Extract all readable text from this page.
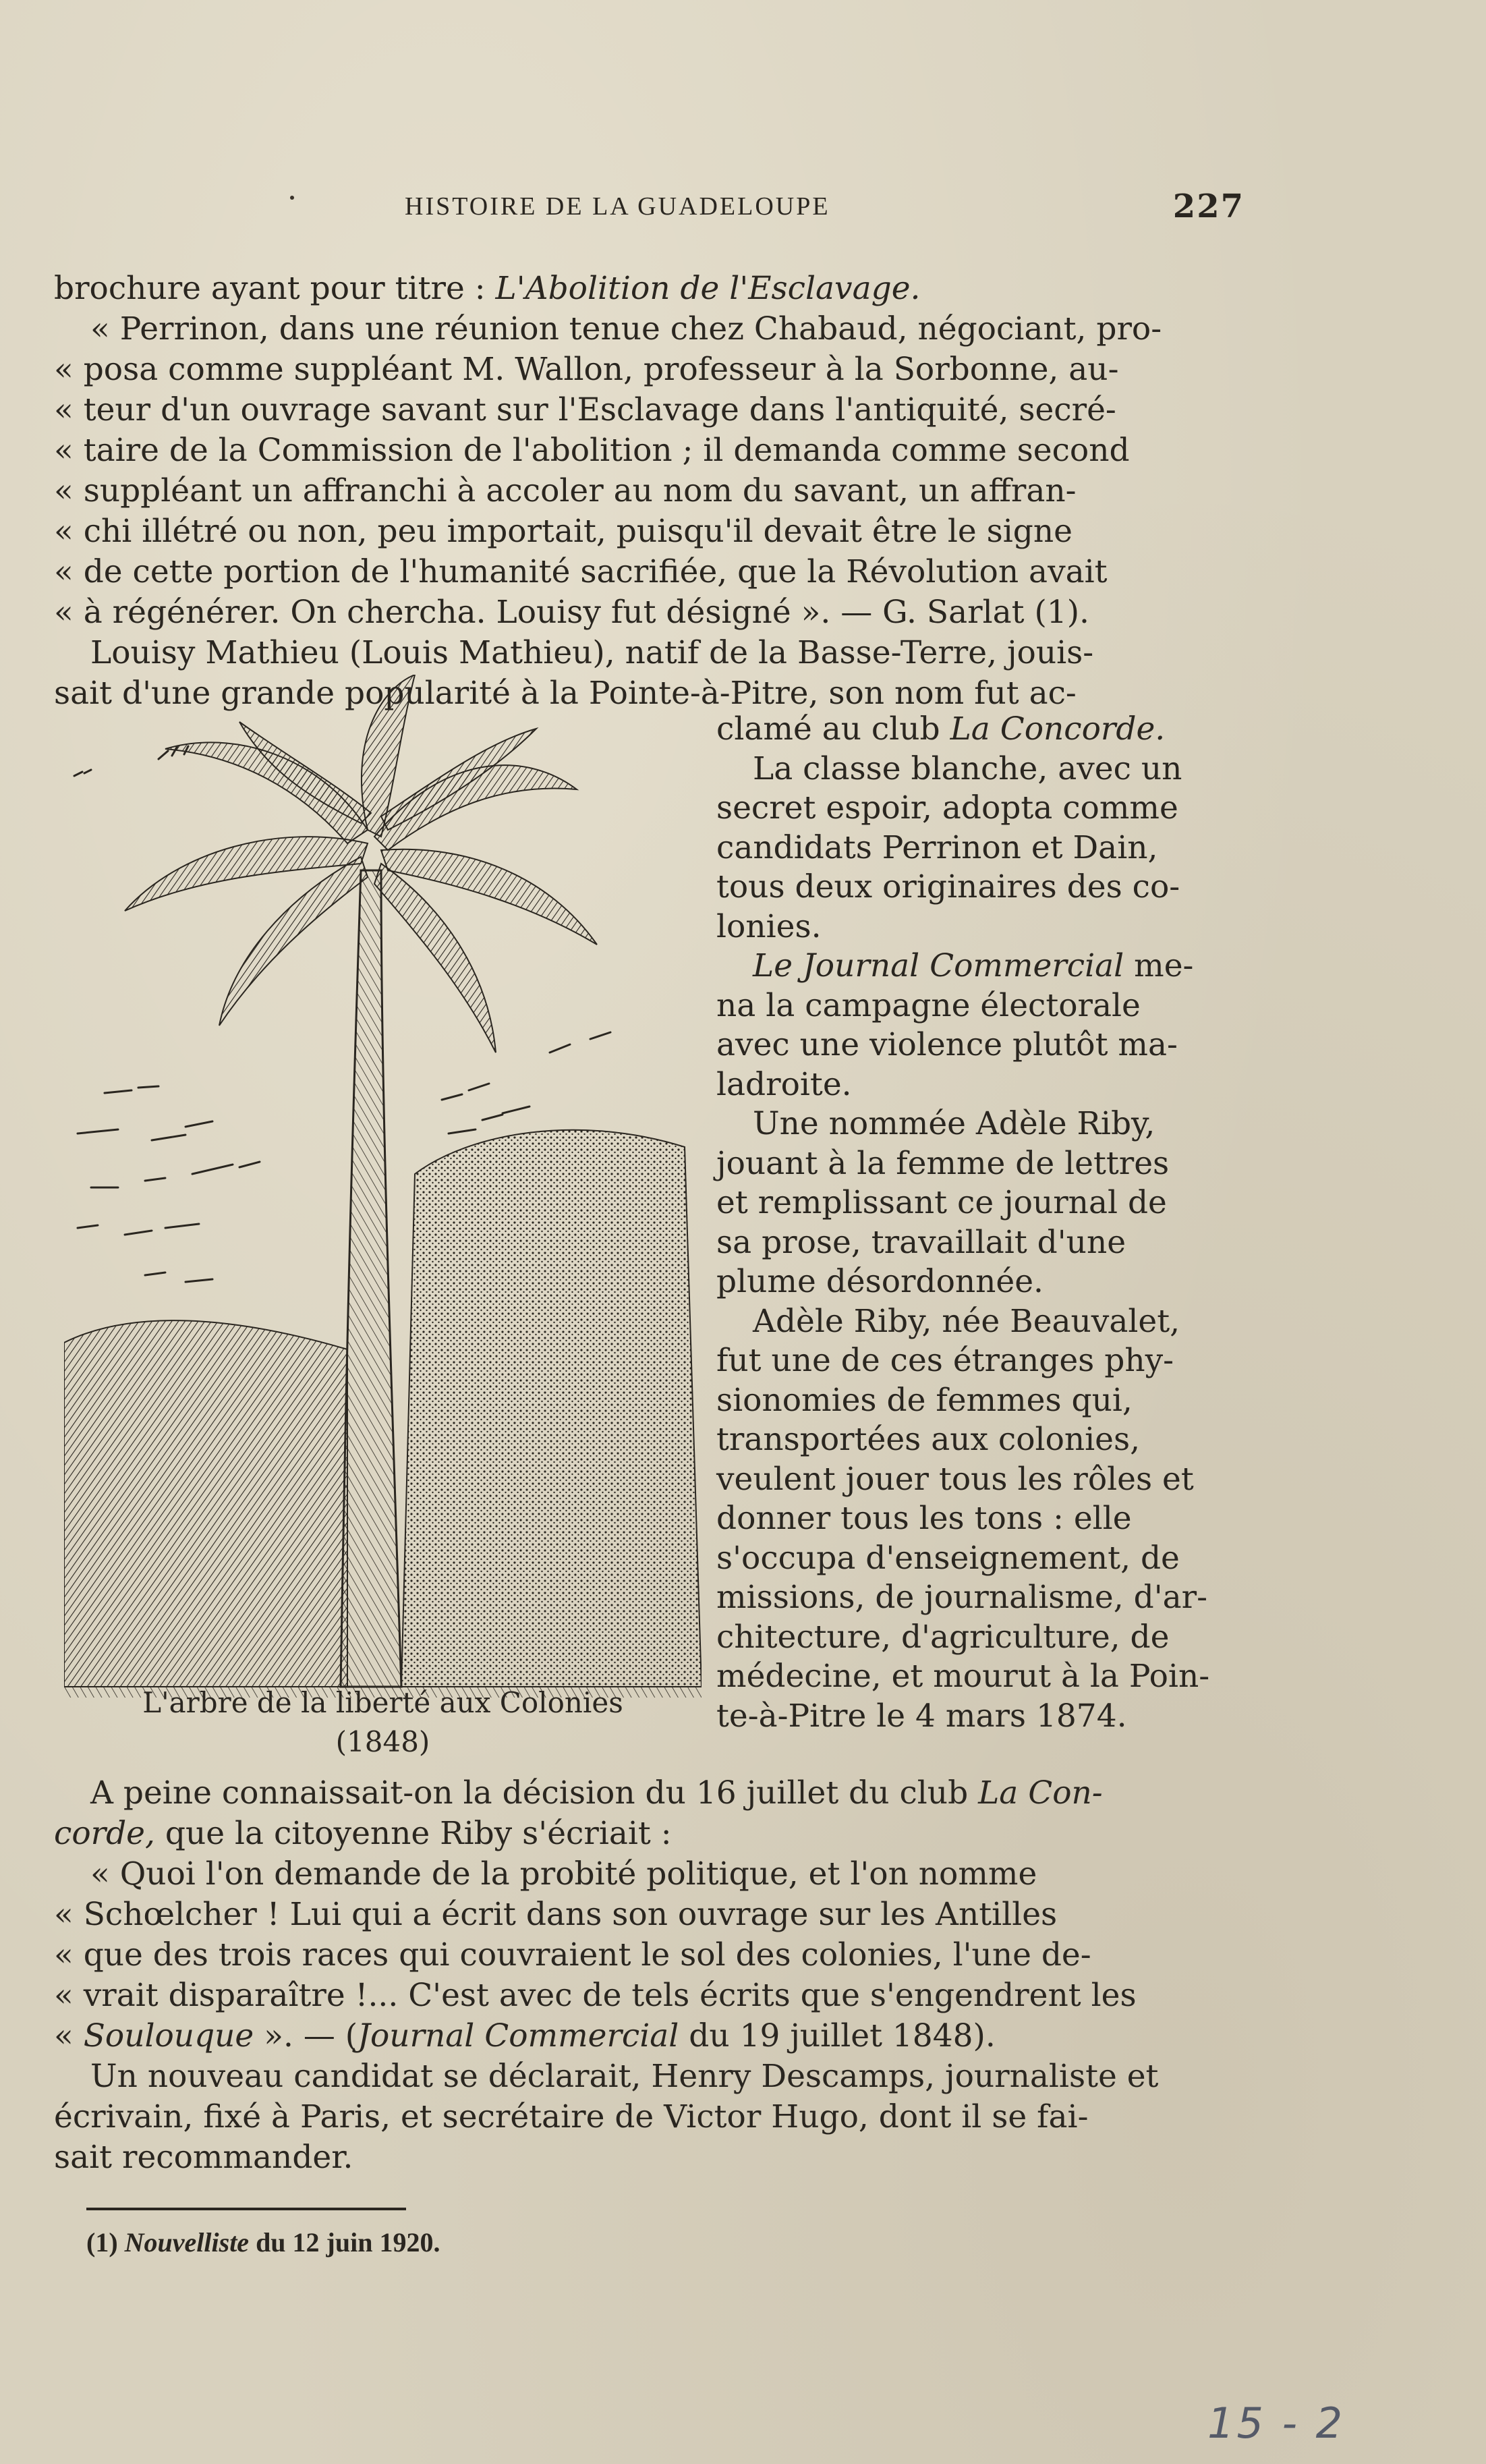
HISTOIRE DE LA GUADELOUPE	227

brochure ayant pour titre : L'Abolition de l'Esclavage.

« Perrinon, dans une réunion tenue chez Chabaud, négociant, pro-

« posa comme suppléant M. Wallon, professeur à la Sorbonne, au-

« teur d'un ouvrage savant sur l'Esclavage dans l'antiquité, secré-

« taire de la Commission de l'abolition ; il demanda comme second

« suppléant un affranchi à accoler au nom du savant, un affran-

« chi illétré ou non, peu importait, puisqu'il devait être le signe

« de cette portion de l'humanité sacrifiée, que la Révolution avait

« à régénérer. On chercha. Louisy fut désigné ». — G. Sarlat (1).

Louisy Mathieu (Louis Mathieu), natif de la Basse-Terre, jouis-

sait d'une grande popularité à la Pointe-à-Pitre, son nom fut ac-

L'arbre de la liberté aux Colonies
(1848)

clamé au club La Concorde.

La classe blanche, avec un

secret espoir, adopta comme

candidats Perrinon et Dain,

tous deux originaires des co-

lonies.

Le Journal Commercial me-

na la campagne électorale

avec une violence plutôt ma-

ladroite.

Une nommée Adèle Riby,

jouant à la femme de lettres

et remplissant ce journal de

sa prose, travaillait d'une

plume désordonnée.

Adèle Riby, née Beauvalet,

fut une de ces étranges phy-

sionomies de femmes qui,

transportées aux colonies,

veulent jouer tous les rôles et

donner tous les tons : elle

s'occupa d'enseignement, de

missions, de journalisme, d'ar-

chitecture, d'agriculture, de

médecine, et mourut à la Poin-

te-à-Pitre le 4 mars 1874.

A peine connaissait-on la décision du 16 juillet du club La Con-

corde, que la citoyenne Riby s'écriait :

« Quoi l'on demande de la probité politique, et l'on nomme

« Schœlcher ! Lui qui a écrit dans son ouvrage sur les Antilles

« que des trois races qui couvraient le sol des colonies, l'une de-

« vrait disparaître !... C'est avec de tels écrits que s'engendrent les

« Soulouque ». — (Journal Commercial du 19 juillet 1848).

Un nouveau candidat se déclarait, Henry Descamps, journaliste et

écrivain, fixé à Paris, et secrétaire de Victor Hugo, dont il se fai-

sait recommander.

(1) Nouvelliste du 12 juin 1920.
15 - 2
